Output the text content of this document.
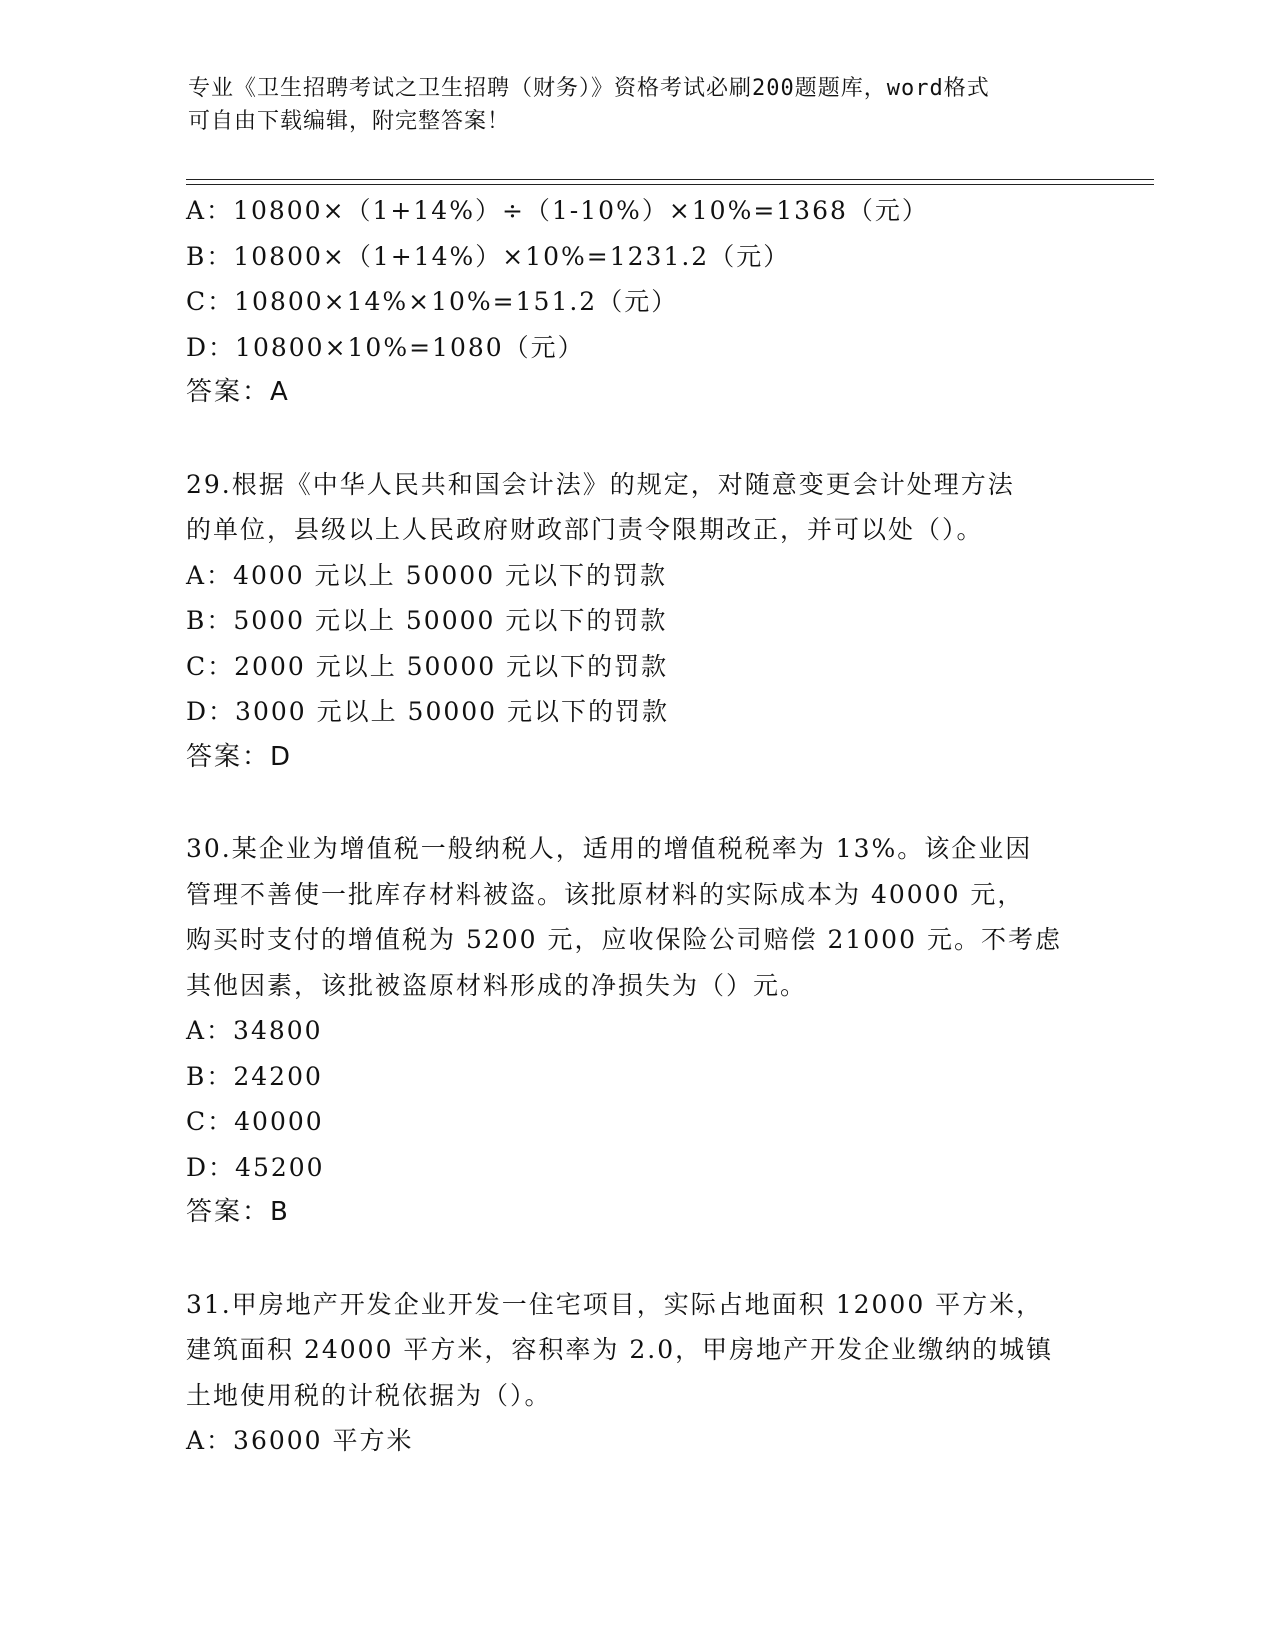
专业《卫生招聘考试之卫生招聘（财务）》资格考试必刷200题题库，word格式
可自由下载编辑，附完整答案！
A：10800×（1+14%）÷（1-10%）×10%=1368（元）
B：10800×（1+14%）×10%=1231.2（元）
C：10800×14%×10%=151.2（元）
D：10800×10%=1080（元）
答案：A
29.根据《中华人民共和国会计法》的规定，对随意变更会计处理方法
的单位，县级以上人民政府财政部门责令限期改正，并可以处（）。
A：4000 元以上 50000 元以下的罚款
B：5000 元以上 50000 元以下的罚款
C：2000 元以上 50000 元以下的罚款
D：3000 元以上 50000 元以下的罚款
答案：D
30.某企业为增值税一般纳税人，适用的增值税税率为 13%。该企业因
管理不善使一批库存材料被盗。该批原材料的实际成本为 40000 元，
购买时支付的增值税为 5200 元，应收保险公司赔偿 21000 元。不考虑
其他因素，该批被盗原材料形成的净损失为（）元。
A：34800
B：24200
C：40000
D：45200
答案：B
31.甲房地产开发企业开发一住宅项目，实际占地面积 12000 平方米，
建筑面积 24000 平方米，容积率为 2.0，甲房地产开发企业缴纳的城镇
土地使用税的计税依据为（）。
A：36000 平方米
